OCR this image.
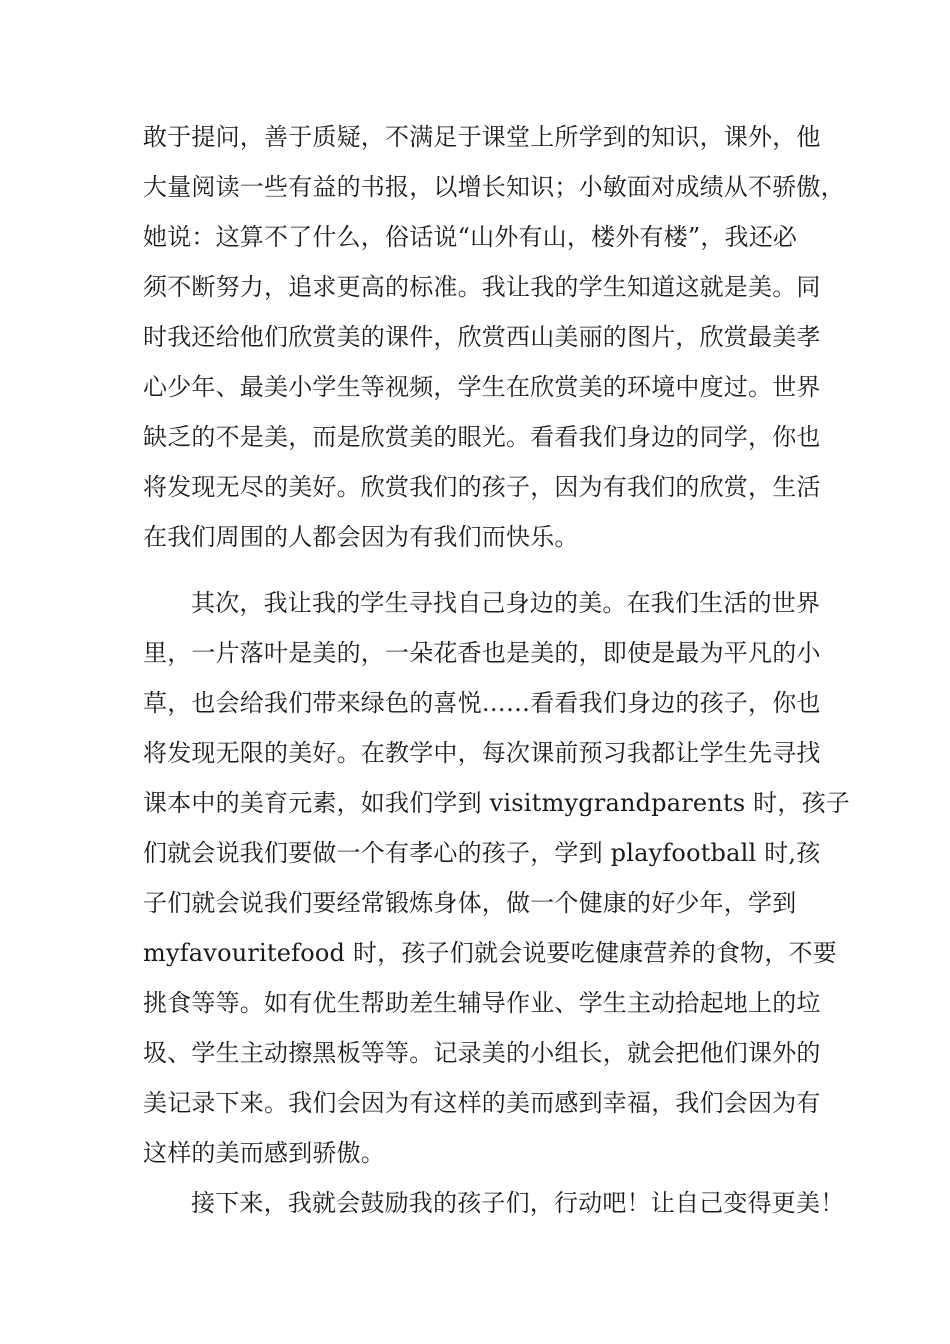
敢于提问，善于质疑，不满足于课堂上所学到的知识，课外，他
大量阅读一些有益的书报，以增长知识；小敏面对成绩从不骄傲，
她说：这算不了什么，俗话说“山外有山，楼外有楼”，我还必
须不断努力，追求更高的标准。我让我的学生知道这就是美。同
时我还给他们欣赏美的课件，欣赏西山美丽的图片，欣赏最美孝
心少年、最美小学生等视频，学生在欣赏美的环境中度过。世界
缺乏的不是美，而是欣赏美的眼光。看看我们身边的同学，你也
将发现无尽的美好。欣赏我们的孩子，因为有我们的欣赏，生活
在我们周围的人都会因为有我们而快乐。
其次，我让我的学生寻找自己身边的美。在我们生活的世界
里，一片落叶是美的，一朵花香也是美的，即使是最为平凡的小
草，也会给我们带来绿色的喜悦……看看我们身边的孩子，你也
将发现无限的美好。在教学中，每次课前预习我都让学生先寻找
课本中的美育元素，如我们学到 visitmygrandparents 时，孩子
们就会说我们要做一个有孝心的孩子，学到 playfootball 时,孩
子们就会说我们要经常锻炼身体，做一个健康的好少年，学到
myfavouritefood 时，孩子们就会说要吃健康营养的食物，不要
挑食等等。如有优生帮助差生辅导作业、学生主动拾起地上的垃
圾、学生主动擦黑板等等。记录美的小组长，就会把他们课外的
美记录下来。我们会因为有这样的美而感到幸福，我们会因为有
这样的美而感到骄傲。
接下来，我就会鼓励我的孩子们，行动吧！让自己变得更美！
